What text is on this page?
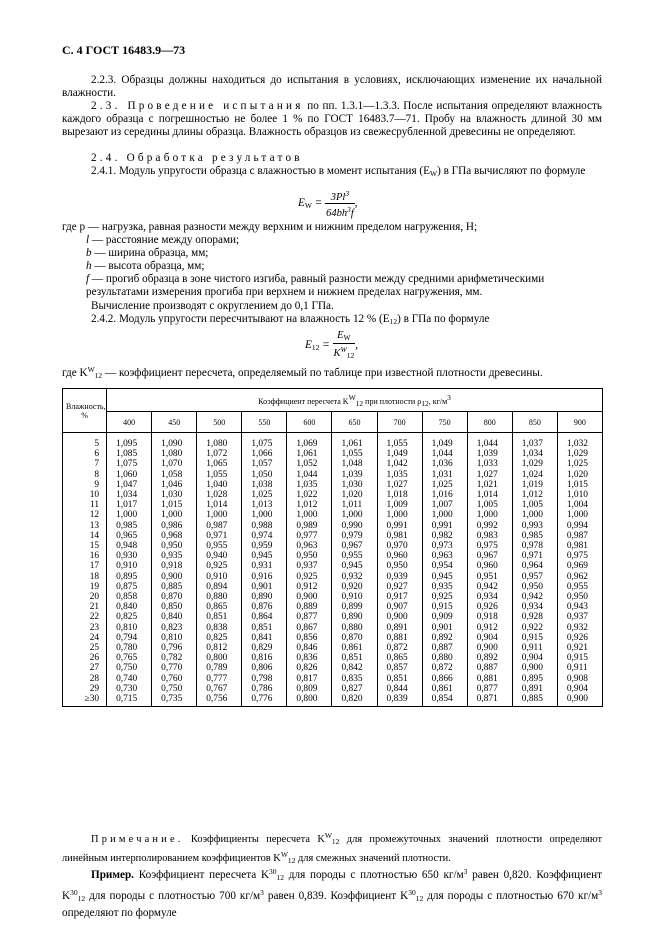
С. 4 ГОСТ 16483.9—73
2.2.3. Образцы должны находиться до испытания в условиях, исключающих изменение их начальной влажности.
2.3. Проведение испытания по пп. 1.3.1—1.3.3. После испытания определяют влажность каждого образца с погрешностью не более 1 % по ГОСТ 16483.7—71. Пробу на влажность длиной 30 мм вырезают из середины длины образца. Влажность образцов из свежесрубленной древесины не определяют.
2.4. Обработка результатов
2.4.1. Модуль упругости образца с влажностью в момент испытания $(E_W)$ в ГПа вычисляют по формуле
$E_W = \frac{3Pl^3}{64bh^3f}$ ,
где p — нагрузка, равная разности между верхним и нижним пределом нагружения, Н;
l — расстояние между опорами;
b — ширина образца, мм;
h — высота образца, мм;
f — прогиб образца в зоне чистого изгиба, равный разности между средними арифметическими результатами измерения прогиба при верхнем и нижнем пределах нагружения, мм.
Вычисление производят с округлением до 0,1 ГПа.
2.4.2. Модуль упругости пересчитывают на влажность 12 % $(E_{12})$ в ГПа по формуле
$E_{12} = \frac{E_W}{K^W_{12}}$ ,
где $K^W_{12}$ — коэффициент пересчета, определяемый по таблице при известной плотности древесины.
Влажность, %	Коэффициент пересчета KW12 при плотности ρ12, кг/м3										
	400	450	500	550	600	650	700	750	800	850	900
5	1,095	1,090	1,080	1,075	1,069	1,061	1,055	1,049	1,044	1,037	1,032
6	1,085	1,080	1,072	1,066	1,061	1,055	1,049	1,044	1,039	1,034	1,029
7	1,075	1,070	1,065	1,057	1,052	1,048	1,042	1,036	1,033	1,029	1,025
8	1,060	1,058	1,055	1,050	1,044	1,039	1,035	1,031	1,027	1,024	1,020
9	1,047	1,046	1,040	1,038	1,035	1,030	1,027	1,025	1,021	1,019	1,015
10	1,034	1,030	1,028	1,025	1,022	1,020	1,018	1,016	1,014	1,012	1,010
11	1,017	1,015	1,014	1,013	1,012	1,011	1,009	1,007	1,005	1,005	1,004
12	1,000	1,000	1,000	1,000	1,000	1,000	1,000	1,000	1,000	1,000	1,000
13	0,985	0,986	0,987	0,988	0,989	0,990	0,991	0,991	0,992	0,993	0,994
14	0,965	0,968	0,971	0,974	0,977	0,979	0,981	0,982	0,983	0,985	0,987
15	0,948	0,950	0,955	0,959	0,963	0,967	0,970	0,973	0,975	0,978	0,981
16	0,930	0,935	0,940	0,945	0,950	0,955	0,960	0,963	0,967	0,971	0,975
17	0,910	0,918	0,925	0,931	0,937	0,945	0,950	0,954	0,960	0,964	0,969
18	0,895	0,900	0,910	0,916	0,925	0,932	0,939	0,945	0,951	0,957	0,962
19	0,875	0,885	0,894	0,901	0,912	0,920	0,927	0,935	0,942	0,950	0,955
20	0,858	0,870	0,880	0,890	0,900	0,910	0,917	0,925	0,934	0,942	0,950
21	0,840	0,850	0,865	0,876	0,889	0,899	0,907	0,915	0,926	0,934	0,943
22	0,825	0,840	0,851	0,864	0,877	0,890	0,900	0,909	0,918	0,928	0,937
23	0,810	0,823	0,838	0,851	0,867	0,880	0,891	0,901	0,912	0,922	0,932
24	0,794	0,810	0,825	0,841	0,856	0,870	0,881	0,892	0,904	0,915	0,926
25	0,780	0,796	0,812	0,829	0,846	0,861	0,872	0,887	0,900	0,911	0,921
26	0,765	0,782	0,800	0,816	0,836	0,851	0,865	0,880	0,892	0,904	0,915
27	0,750	0,770	0,789	0,806	0,826	0,842	0,857	0,872	0,887	0,900	0,911
28	0,740	0,760	0,777	0,798	0,817	0,835	0,851	0,866	0,881	0,895	0,908
29	0,730	0,750	0,767	0,786	0,809	0,827	0,844	0,861	0,877	0,891	0,904
≥30	0,715	0,735	0,756	0,776	0,800	0,820	0,839	0,854	0,871	0,885	0,900
Примечание. Коэффициенты пересчета $K^W_{12}$ для промежуточных значений плотности определяют линейным интерполированием коэффициентов $K^W_{12}$ для смежных значений плотности.
Пример. Коэффициент пересчета $K^{30}_{12}$ для породы с плотностью 650 $кг/м^3$ равен 0,820. Коэффициент $K^{30}_{12}$ для породы с плотностью 700 $кг/м^3$ равен 0,839. Коэффициент $K^{30}_{12}$ для породы с плотностью 670 $кг/м^3$ определяют по формуле
